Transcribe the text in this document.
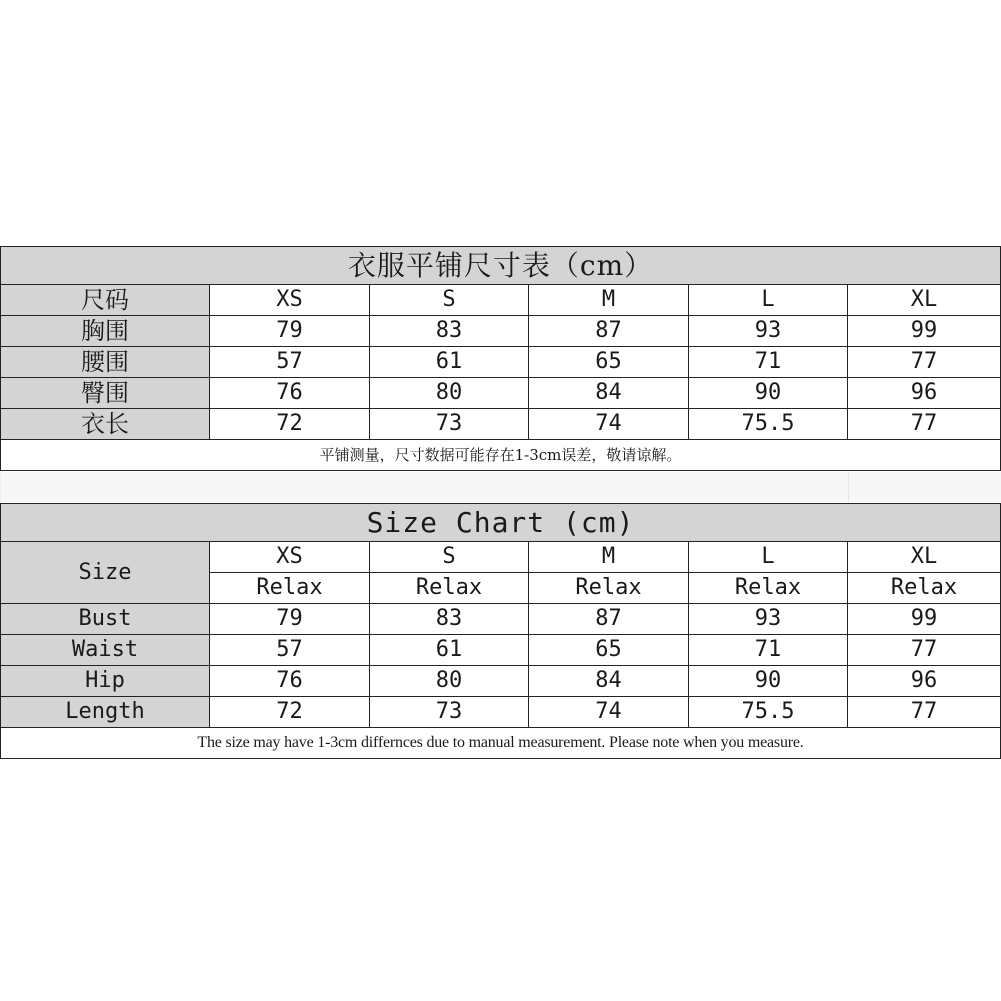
衣服平铺尺寸表（cm）					
尺码	XS	S	M	L	XL
胸围	79	83	87	93	99
腰围	57	61	65	71	77
臀围	76	80	84	90	96
衣长	72	73	74	75.5	77
平铺测量，尺寸数据可能存在1-3cm误差，敬请谅解。					
Size Chart (cm)					
Size	XS	S	M	L	XL
	Relax	Relax	Relax	Relax	Relax
Bust	79	83	87	93	99
Waist	57	61	65	71	77
Hip	76	80	84	90	96
Length	72	73	74	75.5	77
The size may have 1-3cm differnces due to manual measurement. Please note when you measure.					
